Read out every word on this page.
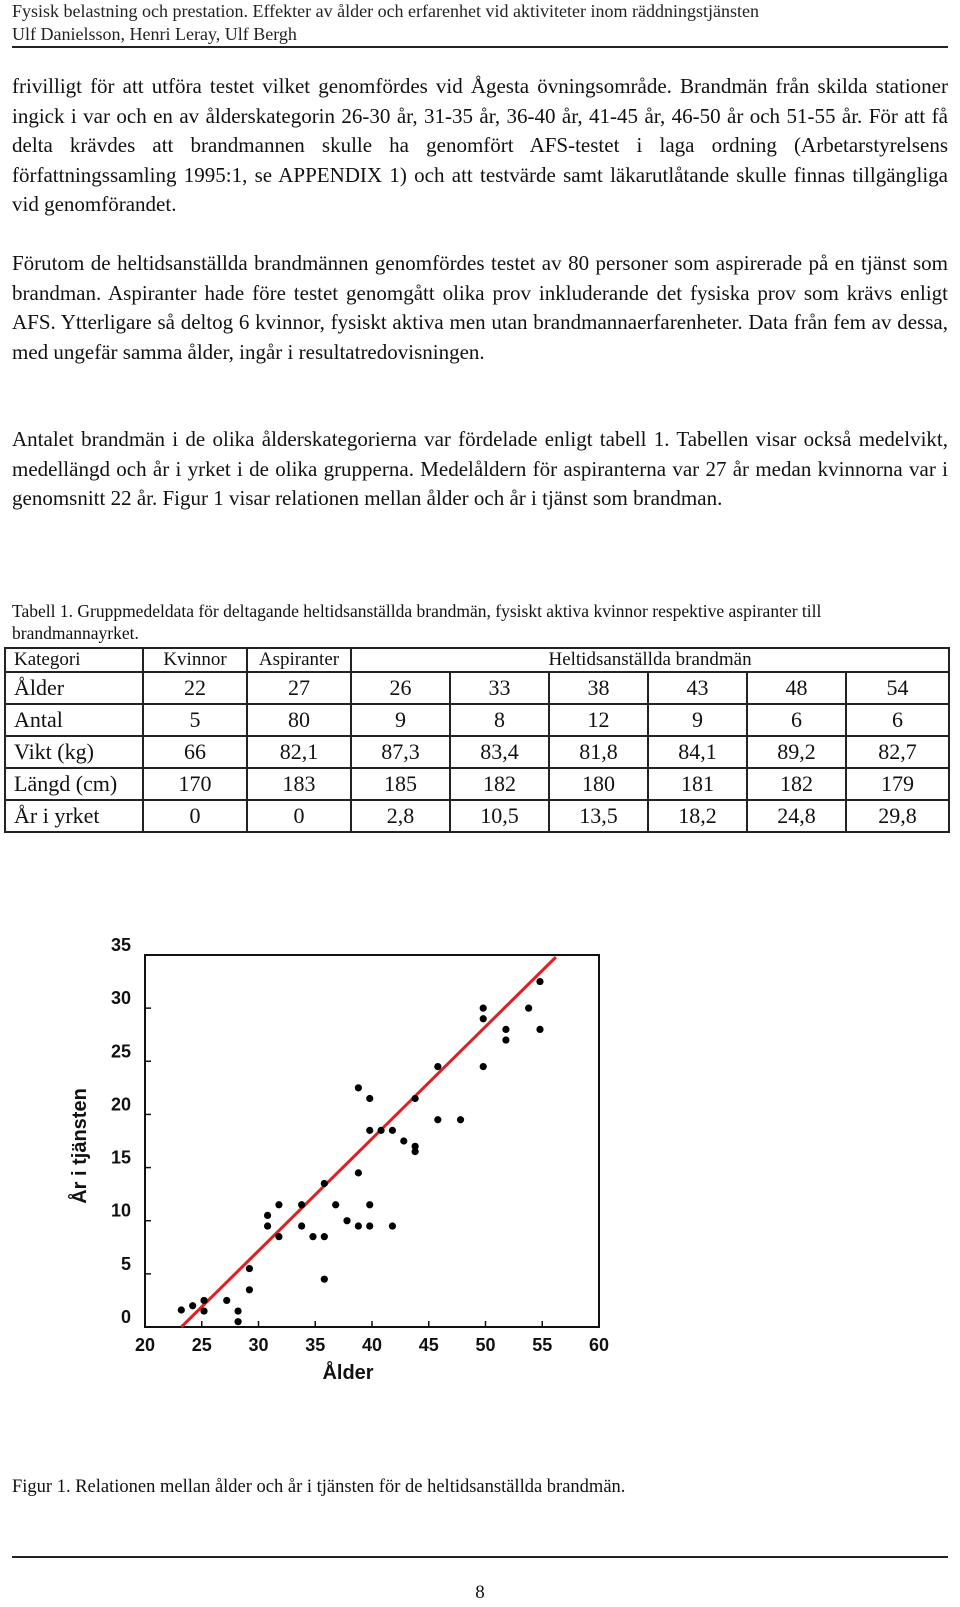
Fysisk belastning och prestation. Effekter av ålder och erfarenhet vid aktiviteter inom räddningstjänsten
Ulf Danielsson, Henri Leray, Ulf Bergh
frivilligt för att utföra testet vilket genomfördes vid Ågesta övningsområde. Brandmän från skilda stationer ingick i var och en av ålderskategorin 26-30 år, 31-35 år, 36-40 år, 41-45 år, 46-50 år och 51-55 år. För att få delta krävdes att brandmannen skulle ha genomfört AFS-testet i laga ordning (Arbetarstyrelsens författningssamling 1995:1, se APPENDIX 1) och att testvärde samt läkarutlåtande skulle finnas tillgängliga vid genomförandet.
Förutom de heltidsanställda brandmännen genomfördes testet av 80 personer som aspirerade på en tjänst som brandman. Aspiranter hade före testet genomgått olika prov inkluderande det fysiska prov som krävs enligt AFS. Ytterligare så deltog 6 kvinnor, fysiskt aktiva men utan brandmannaerfarenheter. Data från fem av dessa, med ungefär samma ålder, ingår i resultatredovisningen.
Antalet brandmän i de olika ålderskategorierna var fördelade enligt tabell 1. Tabellen visar också medelvikt, medellängd och år i yrket i de olika grupperna. Medelåldern för aspiranterna var 27 år medan kvinnorna var i genomsnitt 22 år. Figur 1 visar relationen mellan ålder och år i tjänst som brandman.
Tabell 1. Gruppmedeldata för deltagande heltidsanställda brandmän, fysiskt aktiva kvinnor respektive aspiranter till brandmannayrket.
Kategori	Kvinnor	Aspiranter	Heltidsanställda brandmän					
Ålder	22	27	26	33	38	43	48	54
Antal	5	80	9	8	12	9	6	6
Vikt (kg)	66	82,1	87,3	83,4	81,8	84,1	89,2	82,7
Längd (cm)	170	183	185	182	180	181	182	179
År i yrket	0	0	2,8	10,5	13,5	18,2	24,8	29,8
20 25 30 35 40 45 50 55 60
0
5
10
15
20
25
30
35
Ålder
År i tjänsten
Figur 1. Relationen mellan ålder och år i tjänsten för de heltidsanställda brandmän.
8
